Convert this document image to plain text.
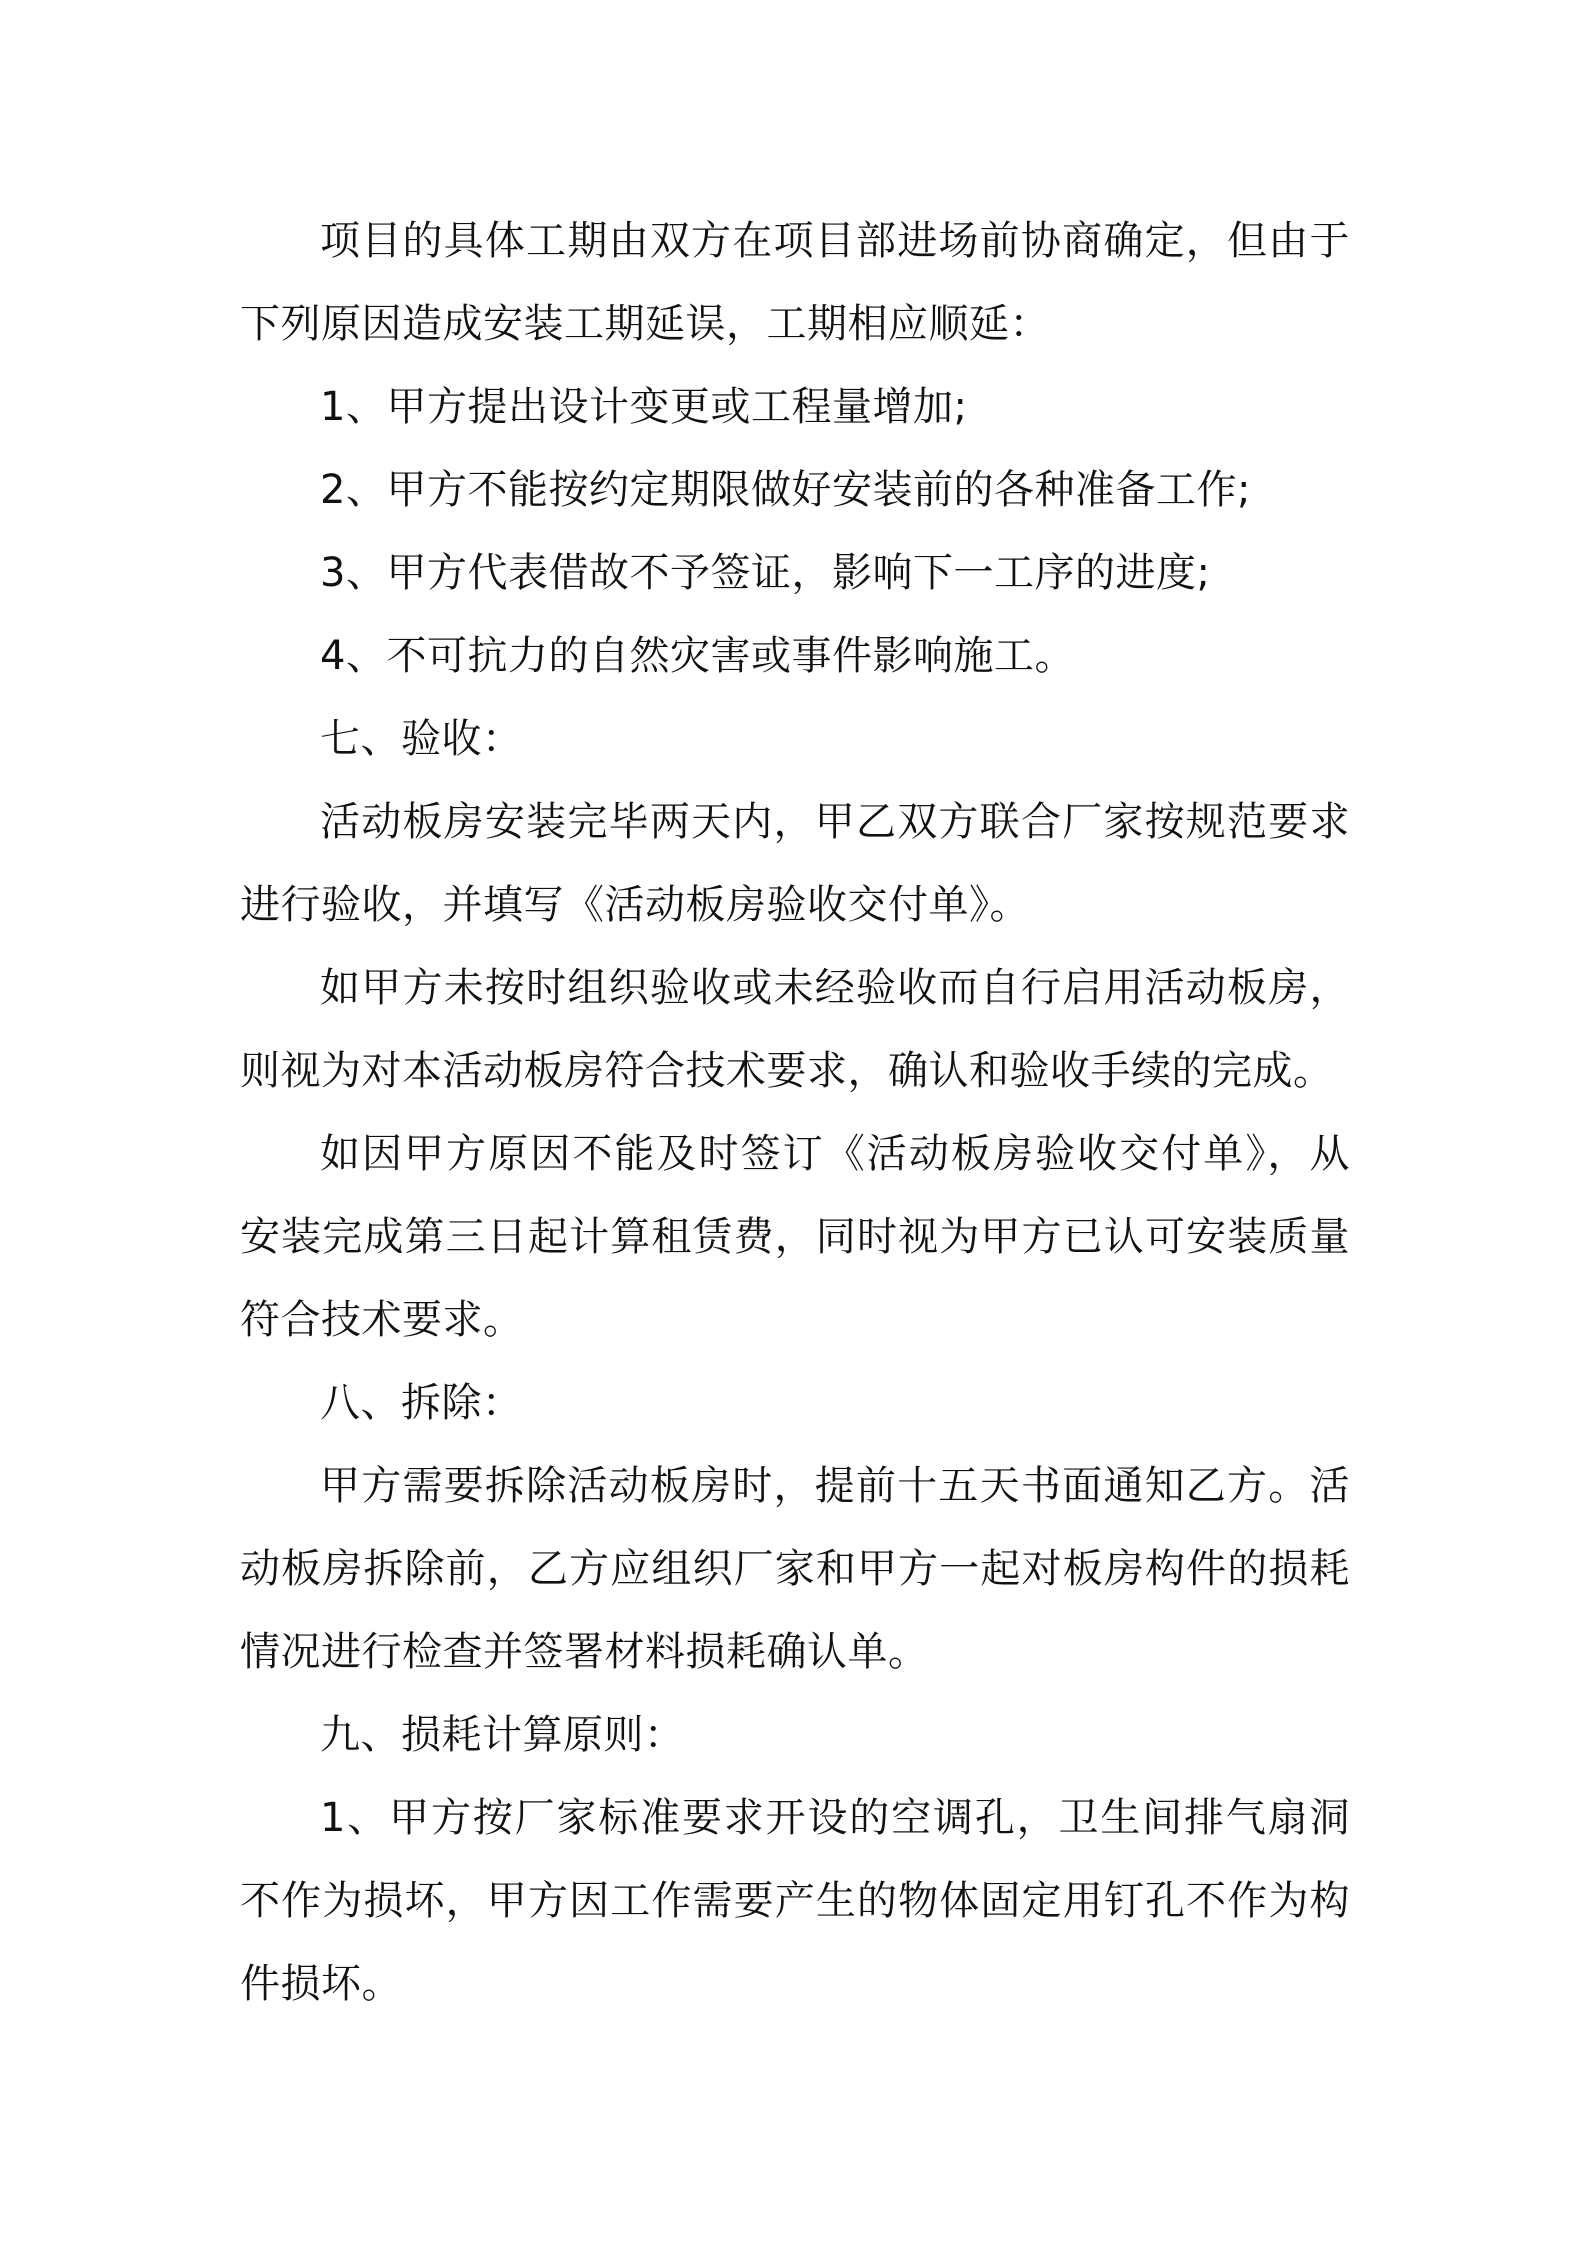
项目的具体工期由双方在项目部进场前协商确定，但由于下列原因造成安装工期延误，工期相应顺延：

1、甲方提出设计变更或工程量增加;

2、甲方不能按约定期限做好安装前的各种准备工作;

3、甲方代表借故不予签证，影响下一工序的进度;

4、不可抗力的自然灾害或事件影响施工。

七、验收：

活动板房安装完毕两天内，甲乙双方联合厂家按规范要求进行验收，并填写《活动板房验收交付单》。

如甲方未按时组织验收或未经验收而自行启用活动板房，则视为对本活动板房符合技术要求，确认和验收手续的完成。

如因甲方原因不能及时签订《活动板房验收交付单》，从安装完成第三日起计算租赁费，同时视为甲方已认可安装质量符合技术要求。

八、拆除：

甲方需要拆除活动板房时，提前十五天书面通知乙方。活动板房拆除前，乙方应组织厂家和甲方一起对板房构件的损耗情况进行检查并签署材料损耗确认单。

九、损耗计算原则：

1、甲方按厂家标准要求开设的空调孔，卫生间排气扇洞不作为损坏，甲方因工作需要产生的物体固定用钉孔不作为构件损坏。
